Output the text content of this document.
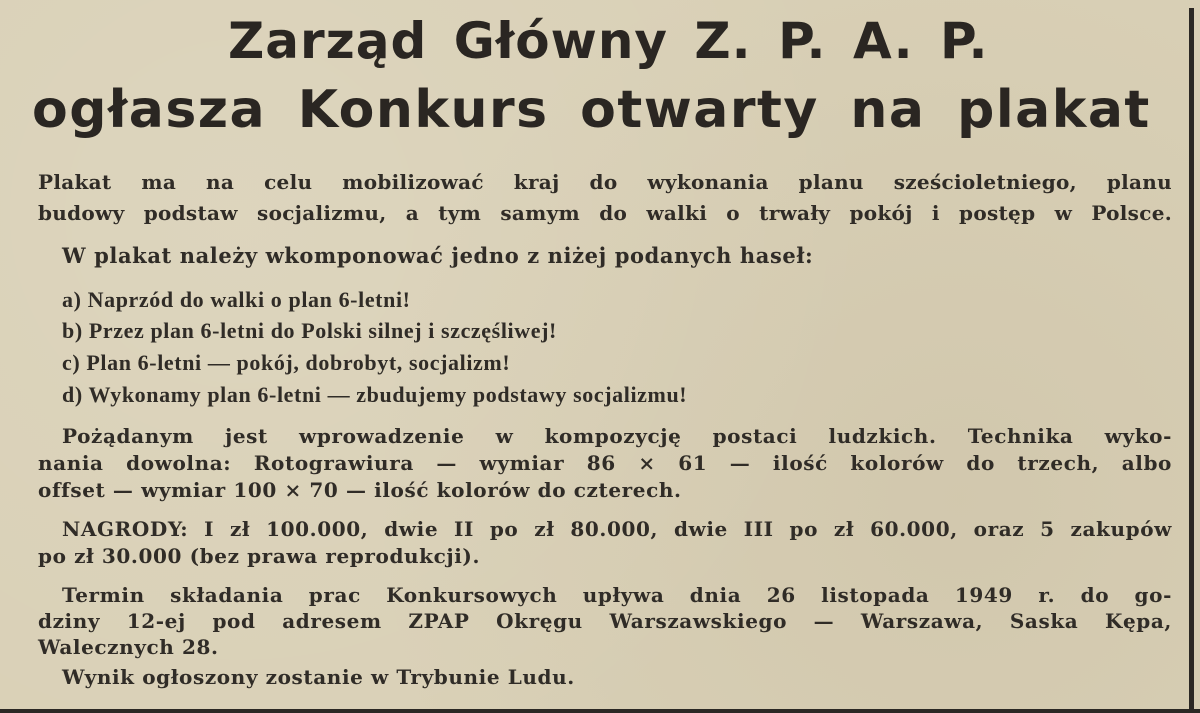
Zarząd Główny Z. P. A. P.
ogłasza Konkurs otwarty na plakat
Plakat ma na celu mobilizować kraj do wykonania planu sześcioletniego, planu
budowy podstaw socjalizmu, a tym samym do walki o trwały pokój i postęp w Polsce.
W plakat należy wkomponować jedno z niżej podanych haseł:
a) Naprzód do walki o plan 6-letni!
b) Przez plan 6-letni do Polski silnej i szczęśliwej!
c) Plan 6-letni — pokój, dobrobyt, socjalizm!
d) Wykonamy plan 6-letni — zbudujemy podstawy socjalizmu!
Pożądanym jest wprowadzenie w kompozycję postaci ludzkich. Technika wyko-
nania dowolna: Rotograwiura — wymiar 86 × 61 — ilość kolorów do trzech, albo
offset — wymiar 100 × 70 — ilość kolorów do czterech.
NAGRODY: I zł 100.000, dwie II po zł 80.000, dwie III po zł 60.000, oraz 5 zakupów
po zł 30.000 (bez prawa reprodukcji).
Termin składania prac Konkursowych upływa dnia 26 listopada 1949 r. do go-
dziny 12-ej pod adresem ZPAP Okręgu Warszawskiego — Warszawa, Saska Kępa,
Walecznych 28.
Wynik ogłoszony zostanie w Trybunie Ludu.
